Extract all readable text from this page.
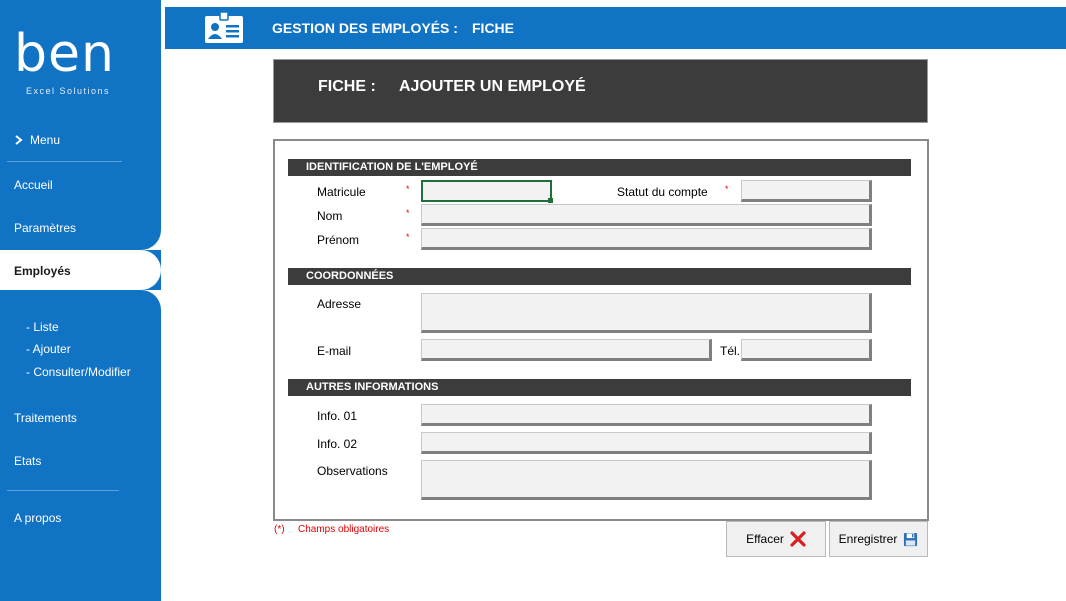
ben
Excel Solutions
Menu
Accueil
Paramètres
Employés
- Liste
- Ajouter
- Consulter/Modifier
Traitements
Etats
A propos
GESTION DES EMPLOYÉS : FICHE
FICHE : AJOUTER UN EMPLOYÉ
IDENTIFICATION DE L'EMPLOYÉ
Matricule	*	Statut du compte *
Nom	*
Prénom	*
COORDONNÉES
Adresse
E-mail	Tél.
AUTRES INFORMATIONS
Info. 01
Info. 02
Observations
(*) Champs obligatoires
Effacer	Enregistrer
